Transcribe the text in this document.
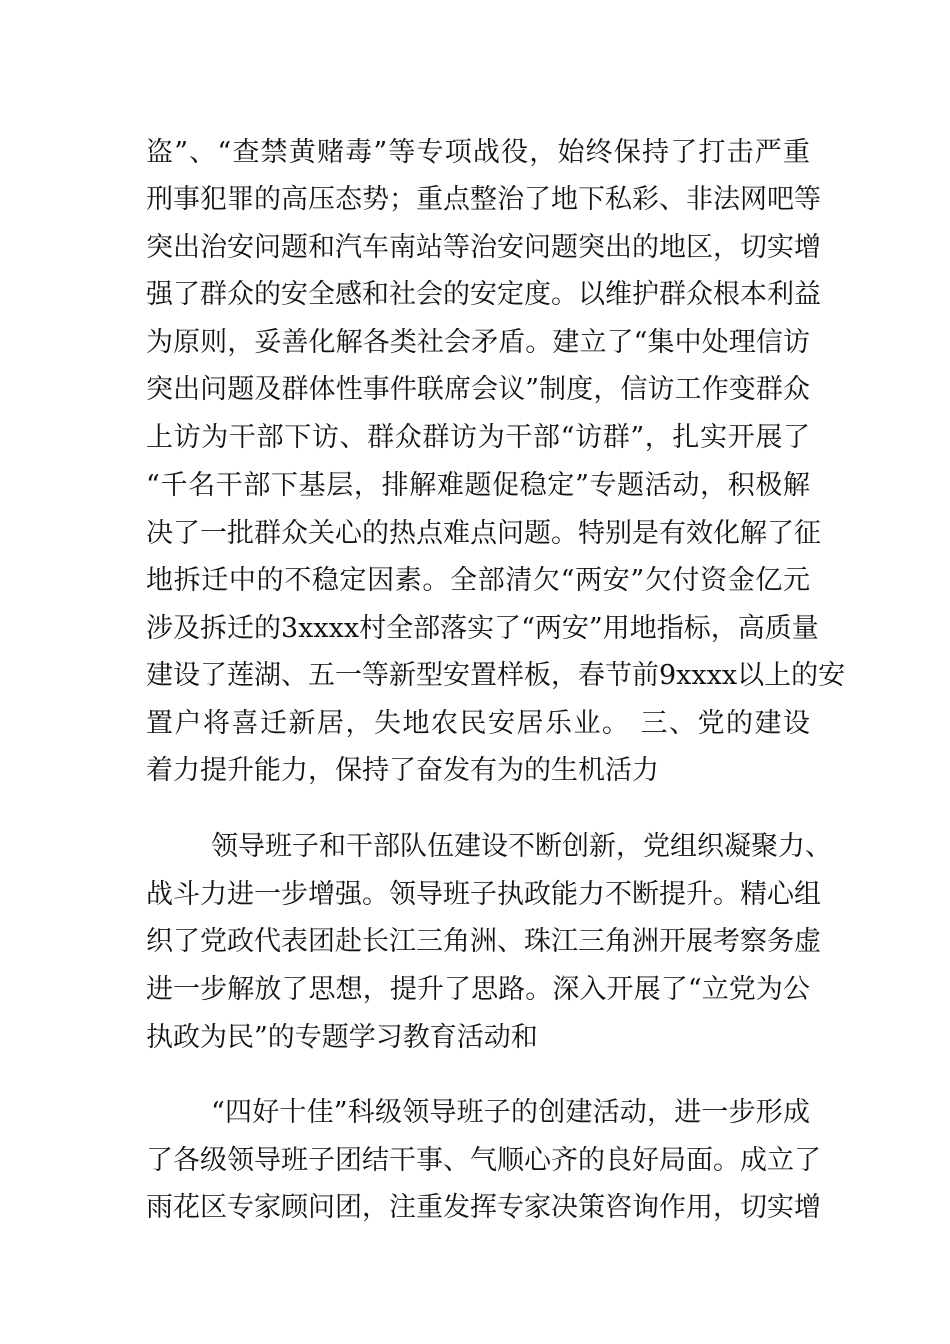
盗”、“查禁黄赌毒”等专项战役，始终保持了打击严重
刑事犯罪的高压态势；重点整治了地下私彩、非法网吧等
突出治安问题和汽车南站等治安问题突出的地区，切实增
强了群众的安全感和社会的安定度。以维护群众根本利益
为原则，妥善化解各类社会矛盾。建立了“集中处理信访
突出问题及群体性事件联席会议”制度，信访工作变群众
上访为干部下访、群众群访为干部“访群”，扎实开展了
“千名干部下基层，排解难题促稳定”专题活动，积极解
决了一批群众关心的热点难点问题。特别是有效化解了征
地拆迁中的不稳定因素。全部清欠“两安”欠付资金亿元
涉及拆迁的3xxxx村全部落实了“两安”用地指标，高质量
建设了莲湖、五一等新型安置样板，春节前9xxxx以上的安
置户将喜迁新居，失地农民安居乐业。 三、党的建设
着力提升能力，保持了奋发有为的生机活力
领导班子和干部队伍建设不断创新，党组织凝聚力、
战斗力进一步增强。领导班子执政能力不断提升。精心组
织了党政代表团赴长江三角洲、珠江三角洲开展考察务虚
进一步解放了思想，提升了思路。深入开展了“立党为公
执政为民”的专题学习教育活动和
“四好十佳”科级领导班子的创建活动，进一步形成
了各级领导班子团结干事、气顺心齐的良好局面。成立了
雨花区专家顾问团，注重发挥专家决策咨询作用，切实增
